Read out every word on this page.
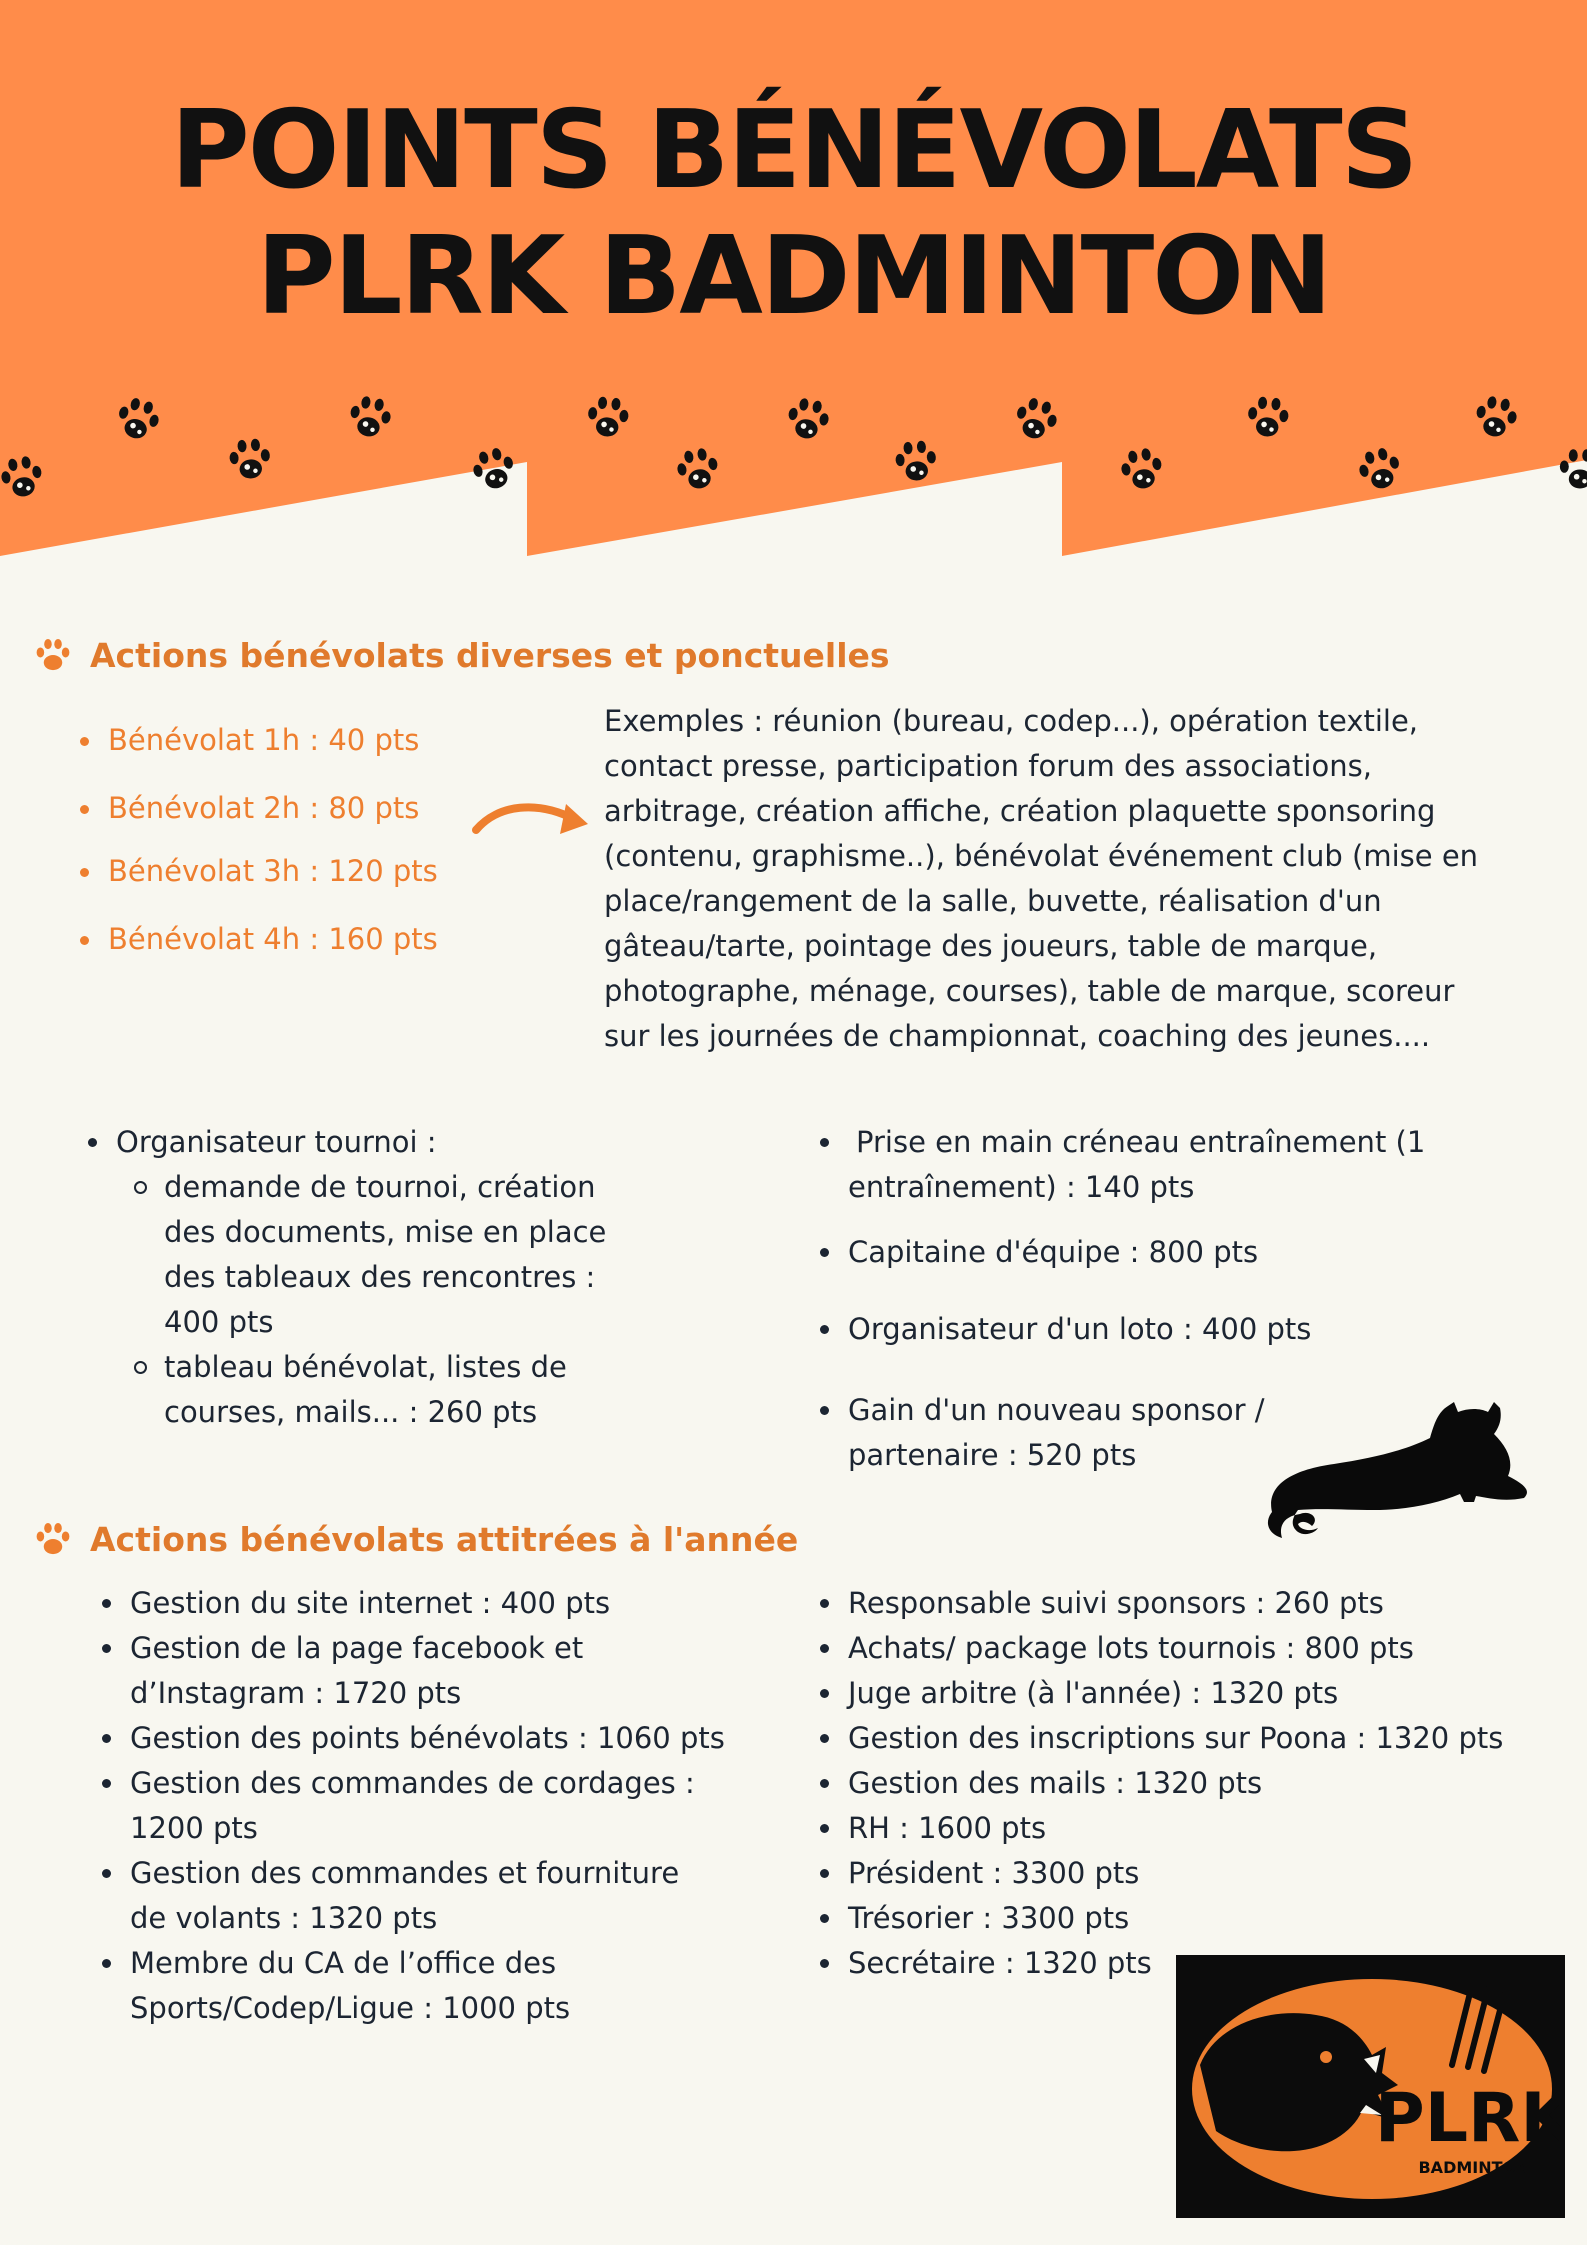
POINTS BÉNÉVOLATS
PLRK BADMINTON
Actions bénévolats diverses et ponctuelles
Bénévolat 1h : 40 pts
Bénévolat 2h : 80 pts
Bénévolat 3h : 120 pts
Bénévolat 4h : 160 pts

Exemples : réunion (bureau, codep...), opération textile,
contact presse, participation forum des associations,
arbitrage, création affiche, création plaquette sponsoring
(contenu, graphisme..), bénévolat événement club (mise en
place/rangement de la salle, buvette, réalisation d'un
gâteau/tarte, pointage des joueurs, table de marque,
photographe, ménage, courses), table de marque, scoreur
sur les journées de championnat, coaching des jeunes....

Organisateur tournoi :
demande de tournoi, création
des documents, mise en place
des tableaux des rencontres :
400 pts
tableau bénévolat, listes de
courses, mails... : 260 pts
Prise en main créneau entraînement (1
entraînement) : 140 pts
Capitaine d'équipe : 800 pts
Organisateur d'un loto : 400 pts
Gain d'un nouveau sponsor /
partenaire : 520 pts
Actions bénévolats attitrées à l'année
Gestion du site internet : 400 pts
Gestion de la page facebook et
d’Instagram : 1720 pts
Gestion des points bénévolats : 1060 pts
Gestion des commandes de cordages :
1200 pts
Gestion des commandes et fourniture
de volants : 1320 pts
Membre du CA de l’office des
Sports/Codep/Ligue : 1000 pts
Responsable suivi sponsors : 260 pts
Achats/ package lots tournois : 800 pts
Juge arbitre (à l'année) : 1320 pts
Gestion des inscriptions sur Poona : 1320 pts
Gestion des mails : 1320 pts
RH : 1600 pts
Président : 3300 pts
Trésorier : 3300 pts
Secrétaire : 1320 pts
PLRK
BADMINTON
